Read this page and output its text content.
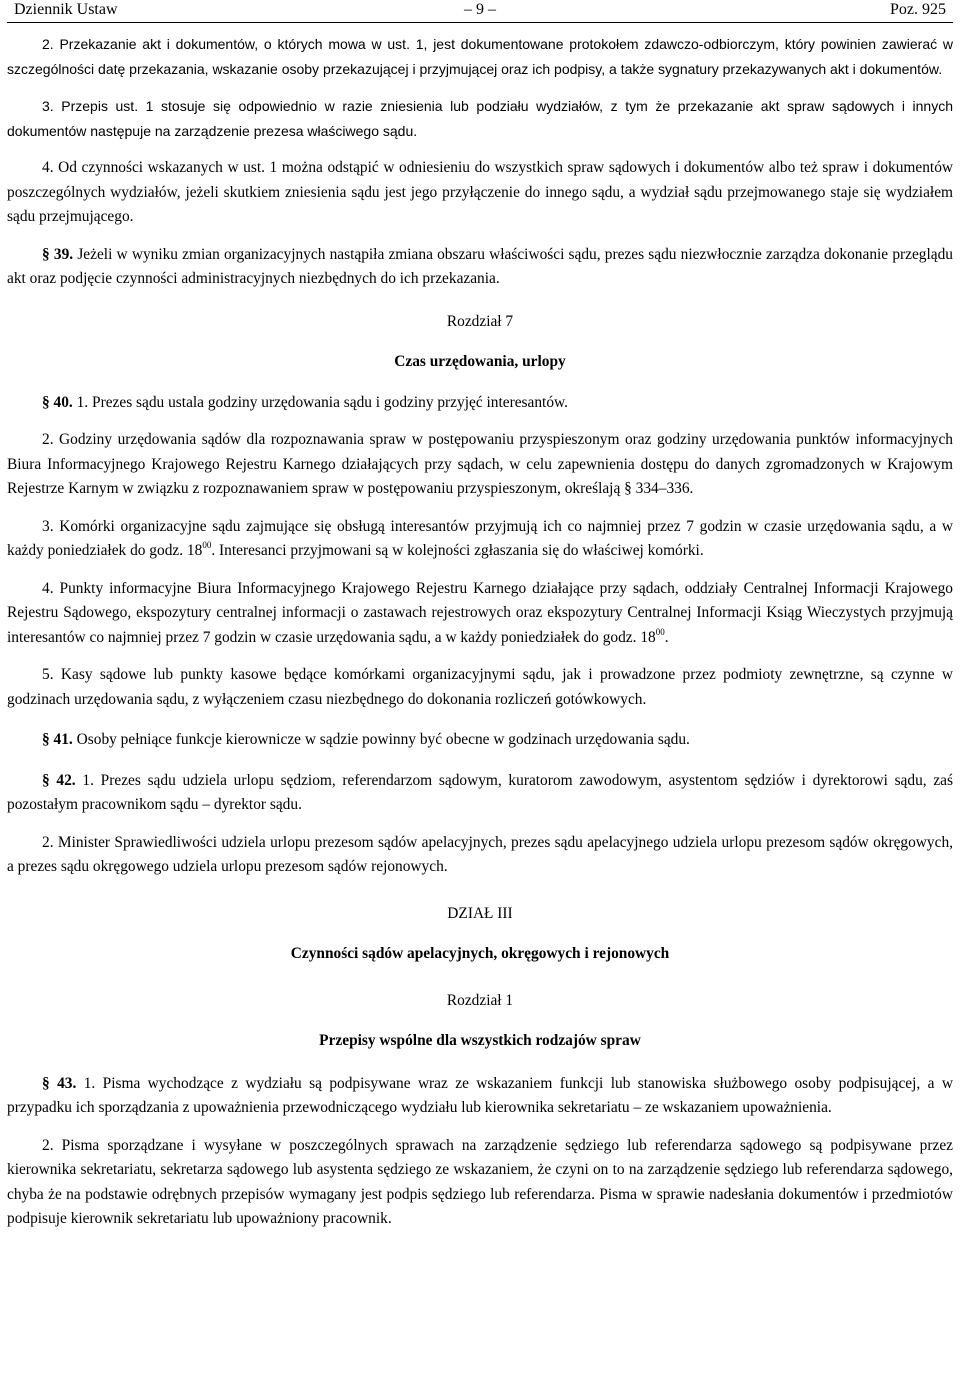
Dziennik Ustaw	– 9 –	Poz. 925

2. Przekazanie akt i dokumentów, o których mowa w ust. 1, jest dokumentowane protokołem zdawczo-odbiorczym, który powinien zawierać w szczególności datę przekazania, wskazanie osoby przekazującej i przyjmującej oraz ich podpisy, a także sygnatury przekazywanych akt i dokumentów.

3. Przepis ust. 1 stosuje się odpowiednio w razie zniesienia lub podziału wydziałów, z tym że przekazanie akt spraw sądowych i innych dokumentów następuje na zarządzenie prezesa właściwego sądu.

4. Od czynności wskazanych w ust. 1 można odstąpić w odniesieniu do wszystkich spraw sądowych i dokumentów albo też spraw i dokumentów poszczególnych wydziałów, jeżeli skutkiem zniesienia sądu jest jego przyłączenie do innego sądu, a wydział sądu przejmowanego staje się wydziałem sądu przejmującego.

§ 39. Jeżeli w wyniku zmian organizacyjnych nastąpiła zmiana obszaru właściwości sądu, prezes sądu niezwłocznie zarządza dokonanie przeglądu akt oraz podjęcie czynności administracyjnych niezbędnych do ich przekazania.

Rozdział 7

Czas urzędowania, urlopy

§ 40. 1. Prezes sądu ustala godziny urzędowania sądu i godziny przyjęć interesantów.

2. Godziny urzędowania sądów dla rozpoznawania spraw w postępowaniu przyspieszonym oraz godziny urzędowania punktów informacyjnych Biura Informacyjnego Krajowego Rejestru Karnego działających przy sądach, w celu zapewnienia dostępu do danych zgromadzonych w Krajowym Rejestrze Karnym w związku z rozpoznawaniem spraw w postępowaniu przyspieszonym, określają § 334–336.

3. Komórki organizacyjne sądu zajmujące się obsługą interesantów przyjmują ich co najmniej przez 7 godzin w czasie urzędowania sądu, a w każdy poniedziałek do godz. $18^{00}$. Interesanci przyjmowani są w kolejności zgłaszania się do właściwej komórki.

4. Punkty informacyjne Biura Informacyjnego Krajowego Rejestru Karnego działające przy sądach, oddziały Centralnej Informacji Krajowego Rejestru Sądowego, ekspozytury centralnej informacji o zastawach rejestrowych oraz ekspozytury Centralnej Informacji Ksiąg Wieczystych przyjmują interesantów co najmniej przez 7 godzin w czasie urzędowania sądu, a w każdy poniedziałek do godz. $18^{00}$.

5. Kasy sądowe lub punkty kasowe będące komórkami organizacyjnymi sądu, jak i prowadzone przez podmioty zewnętrzne, są czynne w godzinach urzędowania sądu, z wyłączeniem czasu niezbędnego do dokonania rozliczeń gotówkowych.

§ 41. Osoby pełniące funkcje kierownicze w sądzie powinny być obecne w godzinach urzędowania sądu.

§ 42. 1. Prezes sądu udziela urlopu sędziom, referendarzom sądowym, kuratorom zawodowym, asystentom sędziów i dyrektorowi sądu, zaś pozostałym pracownikom sądu – dyrektor sądu.

2. Minister Sprawiedliwości udziela urlopu prezesom sądów apelacyjnych, prezes sądu apelacyjnego udziela urlopu prezesom sądów okręgowych, a prezes sądu okręgowego udziela urlopu prezesom sądów rejonowych.

DZIAŁ III

Czynności sądów apelacyjnych, okręgowych i rejonowych

Rozdział 1

Przepisy wspólne dla wszystkich rodzajów spraw

§ 43. 1. Pisma wychodzące z wydziału są podpisywane wraz ze wskazaniem funkcji lub stanowiska służbowego osoby podpisującej, a w przypadku ich sporządzania z upoważnienia przewodniczącego wydziału lub kierownika sekretariatu – ze wskazaniem upoważnienia.

2. Pisma sporządzane i wysyłane w poszczególnych sprawach na zarządzenie sędziego lub referendarza sądowego są podpisywane przez kierownika sekretariatu, sekretarza sądowego lub asystenta sędziego ze wskazaniem, że czyni on to na zarządzenie sędziego lub referendarza sądowego, chyba że na podstawie odrębnych przepisów wymagany jest podpis sędziego lub referendarza. Pisma w sprawie nadesłania dokumentów i przedmiotów podpisuje kierownik sekretariatu lub upoważniony pracownik.
